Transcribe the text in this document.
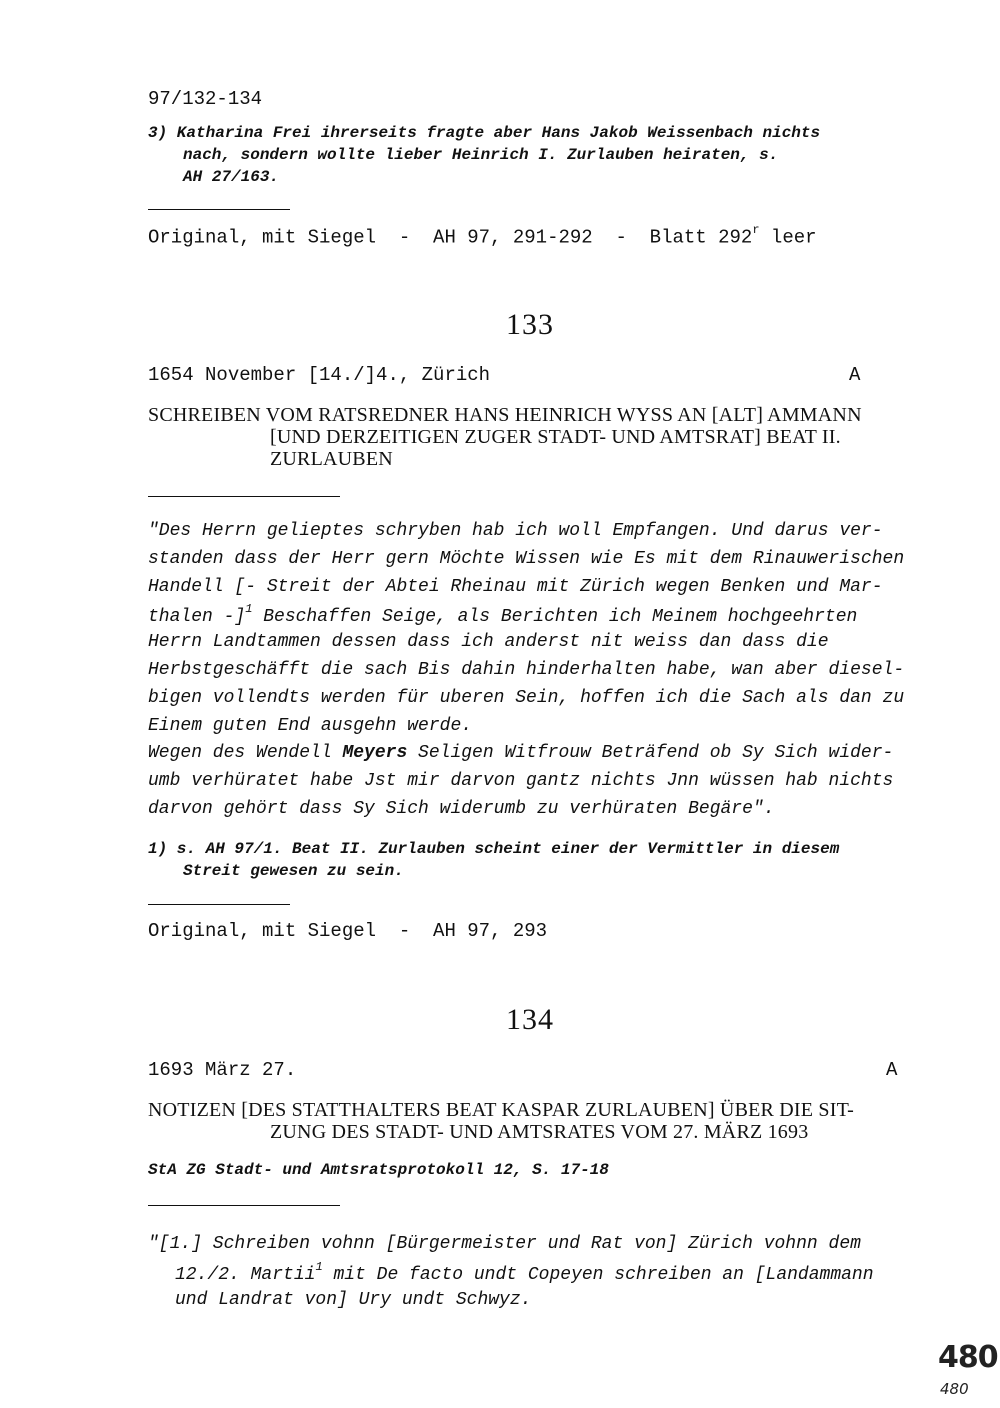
97/132-134
3) Katharina Frei ihrerseits fragte aber Hans Jakob Weissenbach nichts
nach, sondern wollte lieber Heinrich I. Zurlauben heiraten, s.
AH 27/163.
Original, mit Siegel  -  AH 97, 291-292  -  Blatt 292$^r$ leer
133
1654 November [14./]4., Zürich	A
SCHREIBEN VOM RATSREDNER HANS HEINRICH WYSS AN [ALT] AMMANN
[UND DERZEITIGEN ZUGER STADT- UND AMTSRAT] BEAT II.
ZURLAUBEN
"Des Herrn gelieptes schryben hab ich woll Empfangen. Und darus ver-
standen dass der Herr gern Möchte Wissen wie Es mit dem Rinauwerischen
Handell [- Streit der Abtei Rheinau mit Zürich wegen Benken und Mar-
thalen -]$^1$ Beschaffen Seige, als Berichten ich Meinem hochgeehrten
Herrn Landtammen dessen dass ich anderst nit weiss dan dass die
Herbstgeschäfft die sach Bis dahin hinderhalten habe, wan aber diesel-
bigen vollendts werden für uberen Sein, hoffen ich die Sach als dan zu
Einem guten End ausgehn werde.
Wegen des Wendell Meyers Seligen Witfrouw Beträfend ob Sy Sich wider-
umb verhüratet habe Jst mir darvon gantz nichts Jnn wüssen hab nichts
darvon gehört dass Sy Sich widerumb zu verhüraten Begäre".
1) s. AH 97/1. Beat II. Zurlauben scheint einer der Vermittler in diesem
Streit gewesen zu sein.
Original, mit Siegel  -  AH 97, 293
134
1693 März 27.	A
NOTIZEN [DES STATTHALTERS BEAT KASPAR ZURLAUBEN] ÜBER DIE SIT-
ZUNG DES STADT- UND AMTSRATES VOM 27. MÄRZ 1693
StA ZG Stadt- und Amtsratsprotokoll 12, S. 17-18
"[1.] Schreiben vohnn [Bürgermeister und Rat von] Zürich vohnn dem
12./2. Martii$^1$ mit De facto undt Copeyen schreiben an [Landammann
und Landrat von] Ury undt Schwyz.
480
480
